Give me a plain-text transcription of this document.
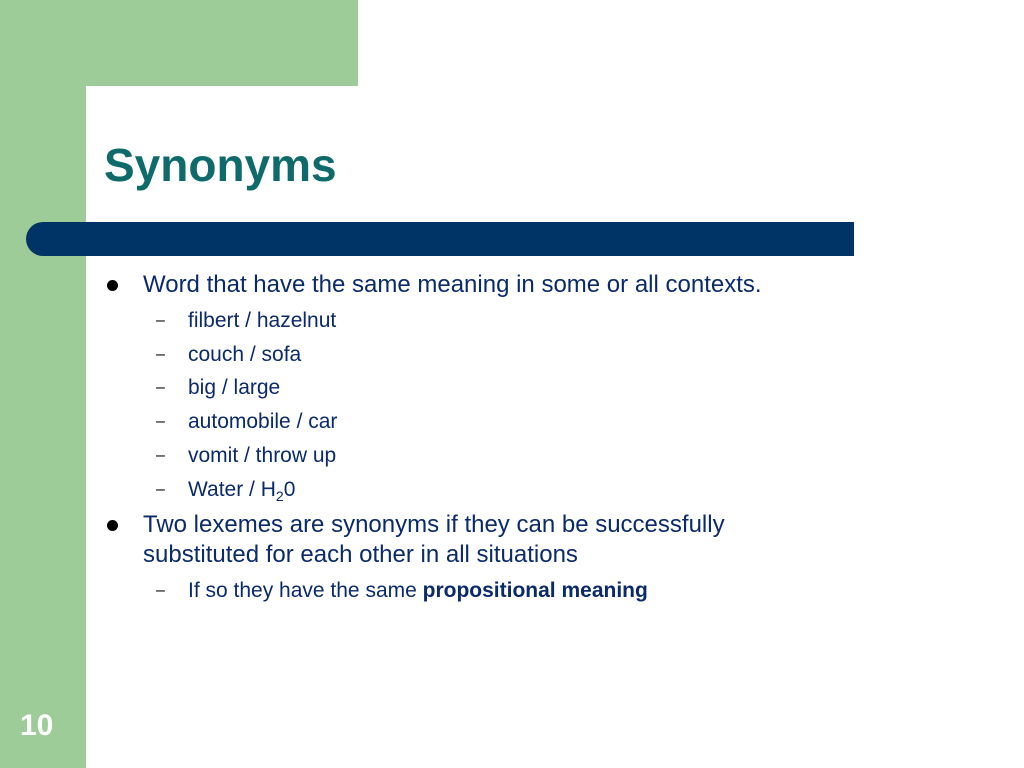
Synonyms
Word that have the same meaning in some or all contexts.
– filbert / hazelnut
– couch / sofa
– big / large
– automobile / car
– vomit / throw up
– Water / $H_20$
Two lexemes are synonyms if they can be successfully
substituted for each other in all situations
– If so they have the same propositional meaning
10
